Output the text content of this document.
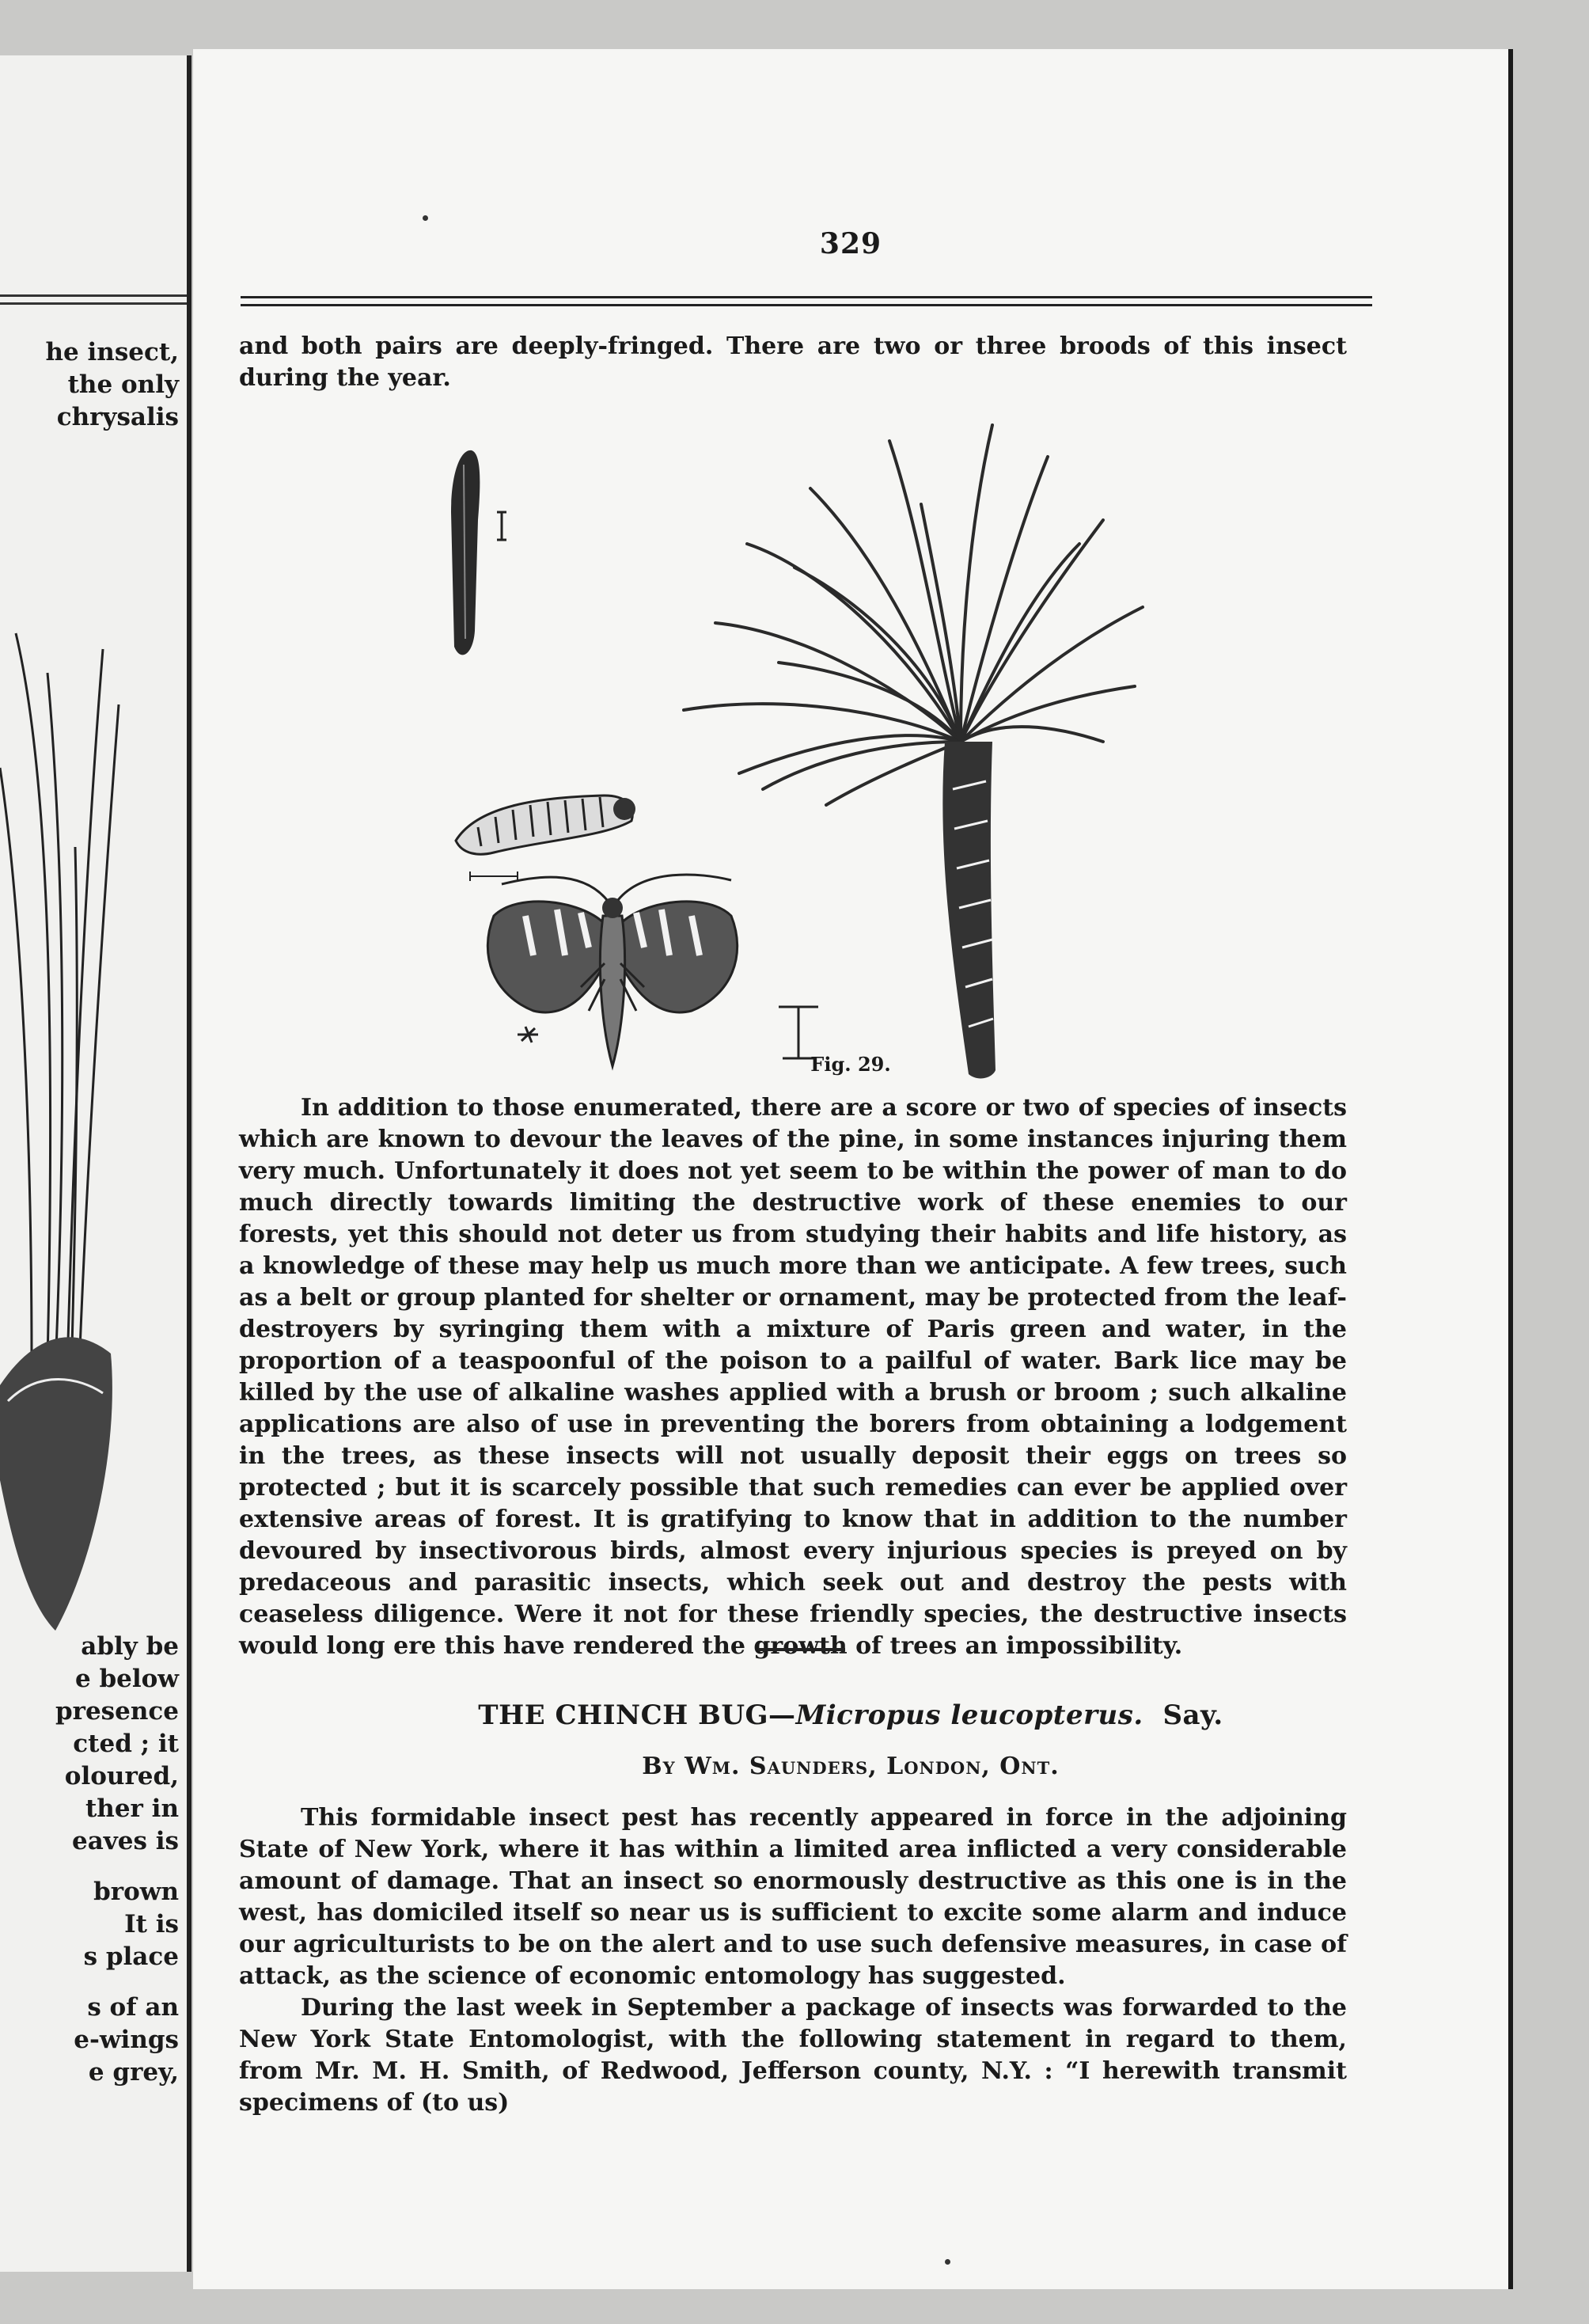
he insect,
the only
chrysalis
ably be
e below
presence
cted ; it
oloured,
ther in
eaves is
brown
It is
s place
s of an
e-wings
e grey,
329

and both pairs are deeply-fringed. There are two or three broods of this insect during the year.

Fig. 29.

In addition to those enumerated, there are a score or two of species of insects which are known to devour the leaves of the pine, in some instances injuring them very much. Unfortunately it does not yet seem to be within the power of man to do much directly towards limiting the destructive work of these enemies to our forests, yet this should not deter us from studying their habits and life history, as a knowledge of these may help us much more than we anticipate. A few trees, such as a belt or group planted for shelter or ornament, may be protected from the leaf-destroyers by syringing them with a mixture of Paris green and water, in the proportion of a teaspoonful of the poison to a pailful of water. Bark lice may be killed by the use of alkaline washes applied with a brush or broom ; such alkaline applications are also of use in preventing the borers from obtaining a lodgement in the trees, as these insects will not usually deposit their eggs on trees so protected ; but it is scarcely possible that such remedies can ever be applied over extensive areas of forest. It is gratifying to know that in addition to the number devoured by insectivorous birds, almost every injurious species is preyed on by predaceous and parasitic insects, which seek out and destroy the pests with ceaseless diligence. Were it not for these friendly species, the destructive insects would long ere this have rendered the growth of trees an impossibility.

THE CHINCH BUG—Micropus leucopterus. Say.
By Wm. Saunders, London, Ont.

This formidable insect pest has recently appeared in force in the adjoining State of New York, where it has within a limited area inflicted a very considerable amount of damage. That an insect so enormously destructive as this one is in the west, has domiciled itself so near us is sufficient to excite some alarm and induce our agriculturists to be on the alert and to use such defensive measures, in case of attack, as the science of economic entomology has suggested.

During the last week in September a package of insects was forwarded to the New York State Entomologist, with the following statement in regard to them, from Mr. M. H. Smith, of Redwood, Jefferson county, N.Y. : “I herewith transmit specimens of (to us)
